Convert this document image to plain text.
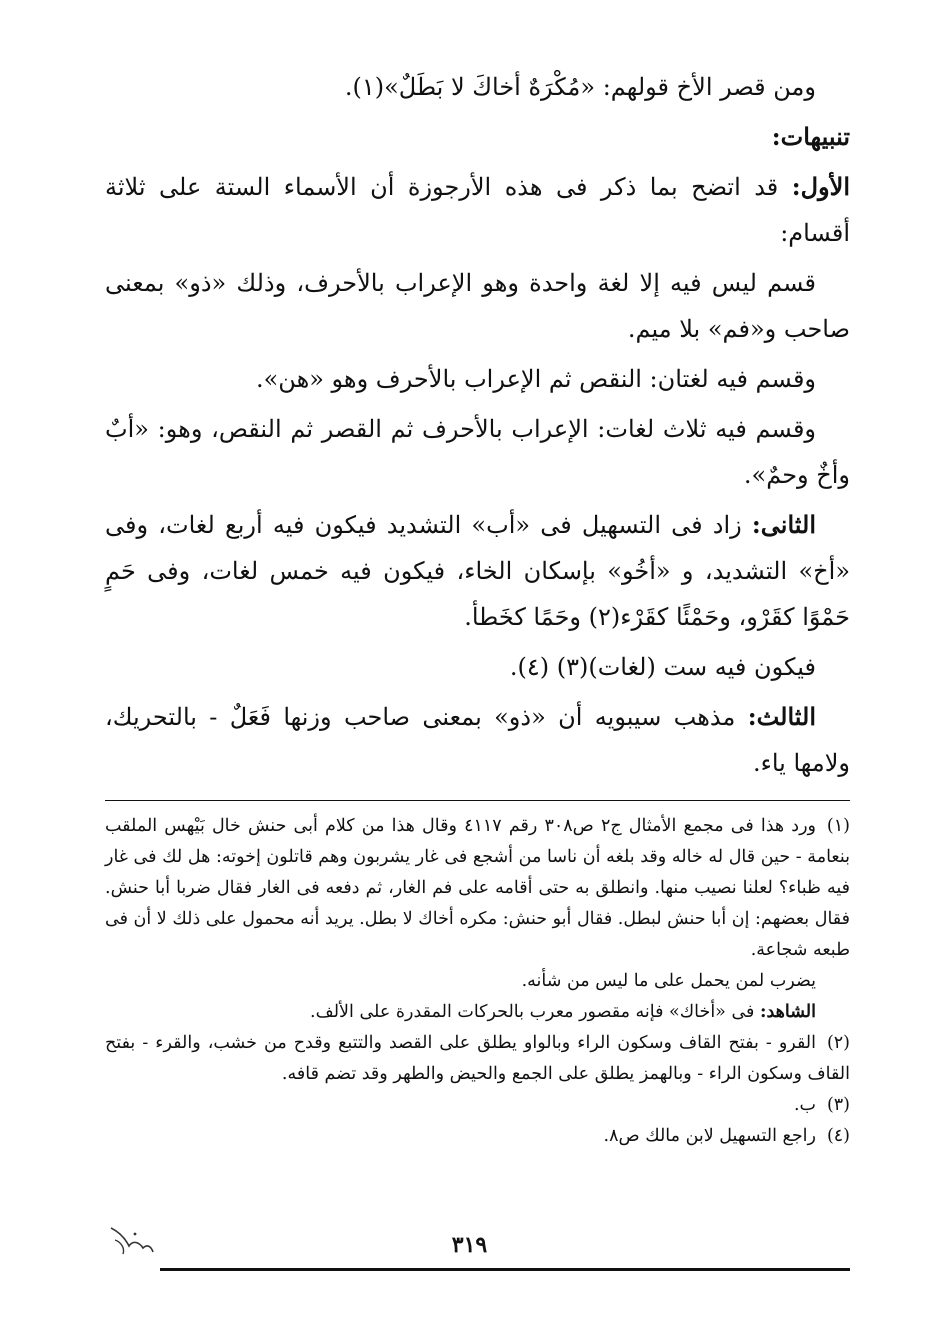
ومن قصر الأخ قولهم: «مُكْرَهٌ أخاكَ لا بَطَلٌ»(١).

تنبيهات:

الأول: قد اتضح بما ذكر فى هذه الأرجوزة أن الأسماء الستة على ثلاثة أقسام:

قسم ليس فيه إلا لغة واحدة وهو الإعراب بالأحرف، وذلك «ذو» بمعنى صاحب و«فم» بلا ميم.

وقسم فيه لغتان: النقص ثم الإعراب بالأحرف وهو «هن».

وقسم فيه ثلاث لغات: الإعراب بالأحرف ثم القصر ثم النقص، وهو: «أبٌ وأخٌ وحمٌ».

الثانى: زاد فى التسهيل فى «أب» التشديد فيكون فيه أربع لغات، وفى «أخ» التشديد، و «أخُو» بإسكان الخاء، فيكون فيه خمس لغات، وفى حَمٍ حَمْوًا كقَرْو، وحَمْئًا كقَرْء(٢) وحَمًا كخَطأ.

فيكون فيه ست (لغات)(٣) (٤).

الثالث: مذهب سيبويه أن «ذو» بمعنى صاحب وزنها فَعَلٌ - بالتحريك، ولامها ياء.

(١)ورد هذا فى مجمع الأمثال ج٢ ص٣٠٨ رقم ٤١١٧ وقال هذا من كلام أبى حنش خال بَيْهس الملقب بنعامة - حين قال له خاله وقد بلغه أن ناسا من أشجع فى غار يشربون وهم قاتلون إخوته: هل لك فى غار فيه ظباء؟ لعلنا نصيب منها. وانطلق به حتى أقامه على فم الغار، ثم دفعه فى الغار فقال ضربا أبا حنش. فقال بعضهم: إن أبا حنش لبطل. فقال أبو حنش: مكره أخاك لا بطل. يريد أنه محمول على ذلك لا أن فى طبعه شجاعة.

يضرب لمن يحمل على ما ليس من شأنه.

الشاهد: فى «أخاك» فإنه مقصور معرب بالحركات المقدرة على الألف.

(٢)القرو - بفتح القاف وسكون الراء وبالواو يطلق على القصد والتتبع وقدح من خشب، والقرء - بفتح القاف وسكون الراء - وبالهمز يطلق على الجمع والحيض والطهر وقد تضم قافه.

(٣)ب.

(٤)راجع التسهيل لابن مالك ص٨.

٣١٩
